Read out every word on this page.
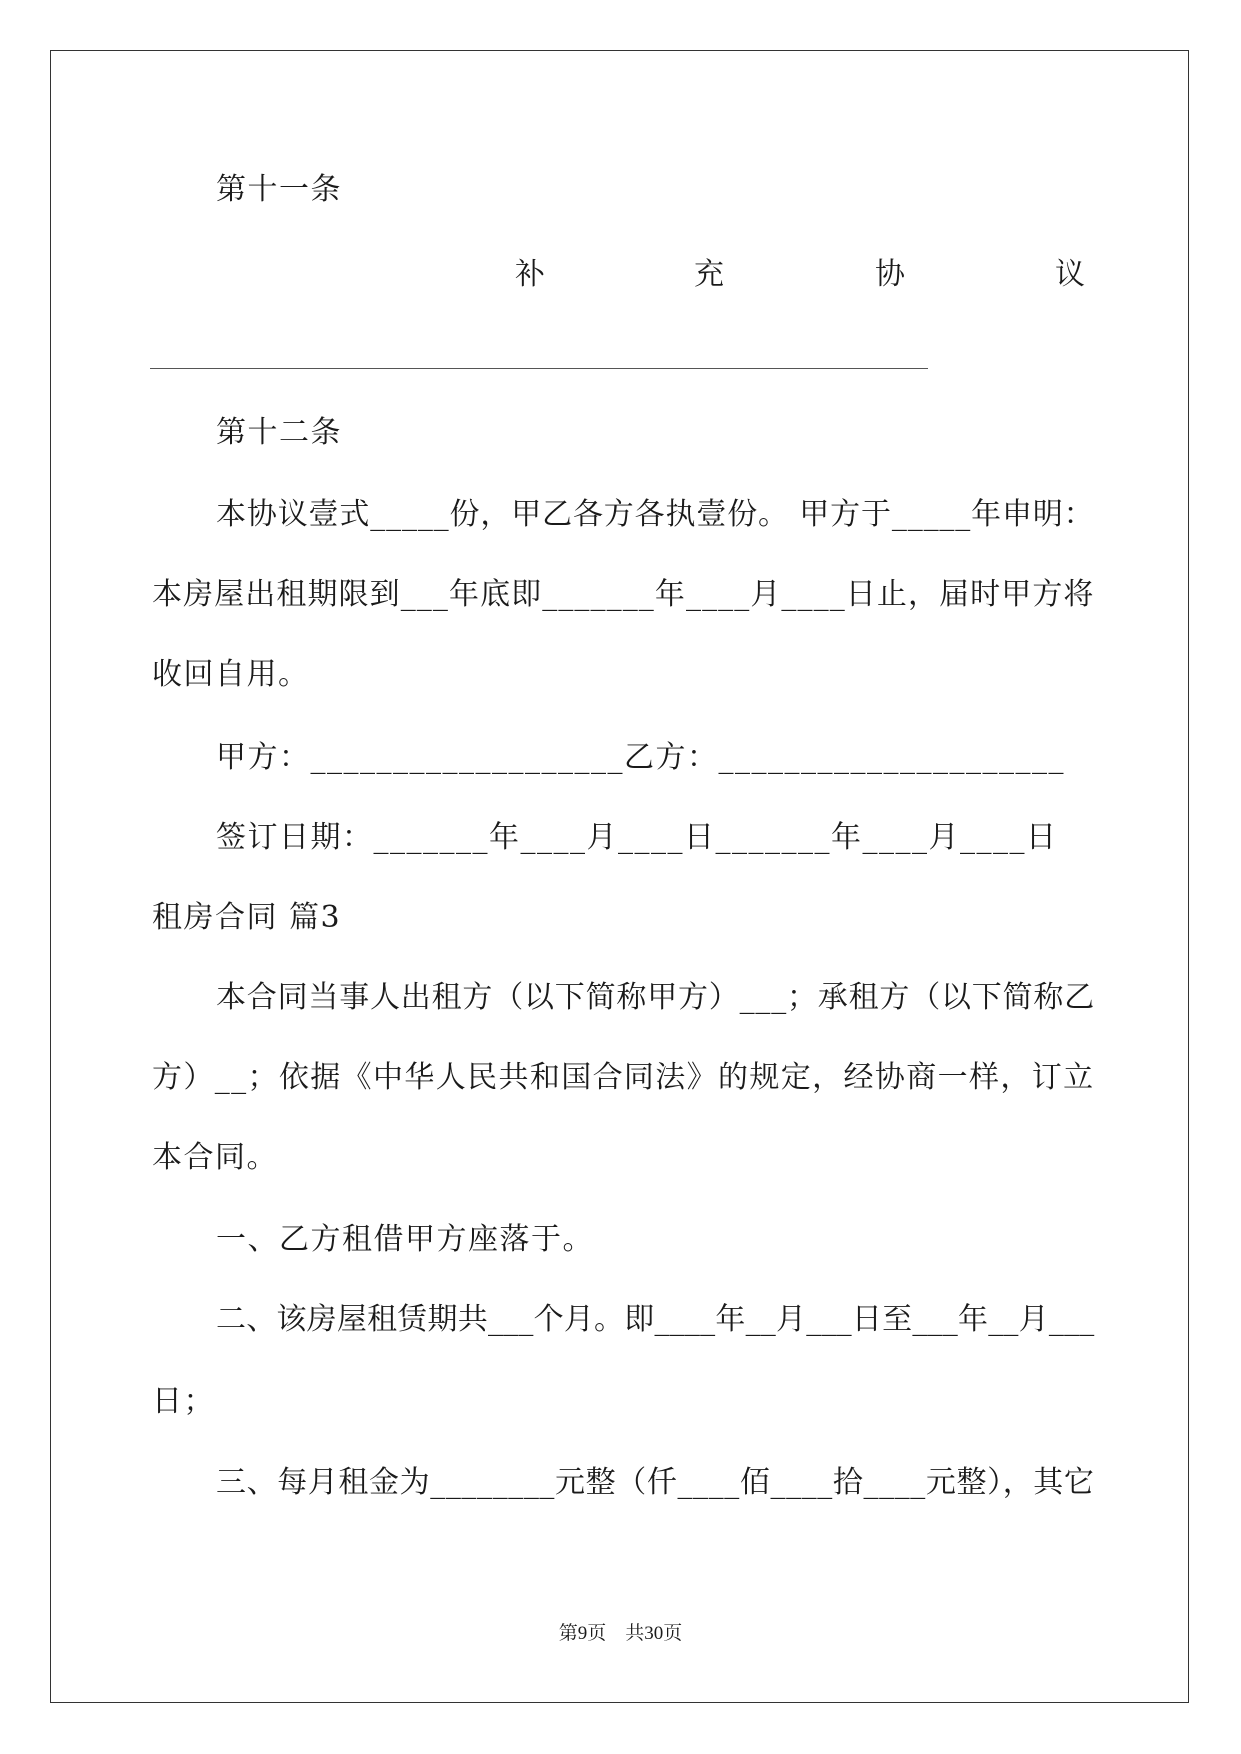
第十一条
补	充	协	议
第十二条
本协议壹式_____份，甲乙各方各执壹份。 甲方于_____年申明：
本房屋出租期限到___年底即_______年____月____日止，届时甲方将
收回自用。
甲方：___________________乙方：_____________________
签订日期：_______年____月____日_______年____月____日
租房合同 篇3
本合同当事人出租方（以下简称甲方）___；承租方（以下简称乙
方）__；依据《中华人民共和国合同法》的规定，经协商一样，订立
本合同。
一、乙方租借甲方座落于。
二、该房屋租赁期共___个月。即____年__月___日至___年__月___
日；
三、每月租金为________元整（仟____佰____拾____元整），其它
第9页　共30页
